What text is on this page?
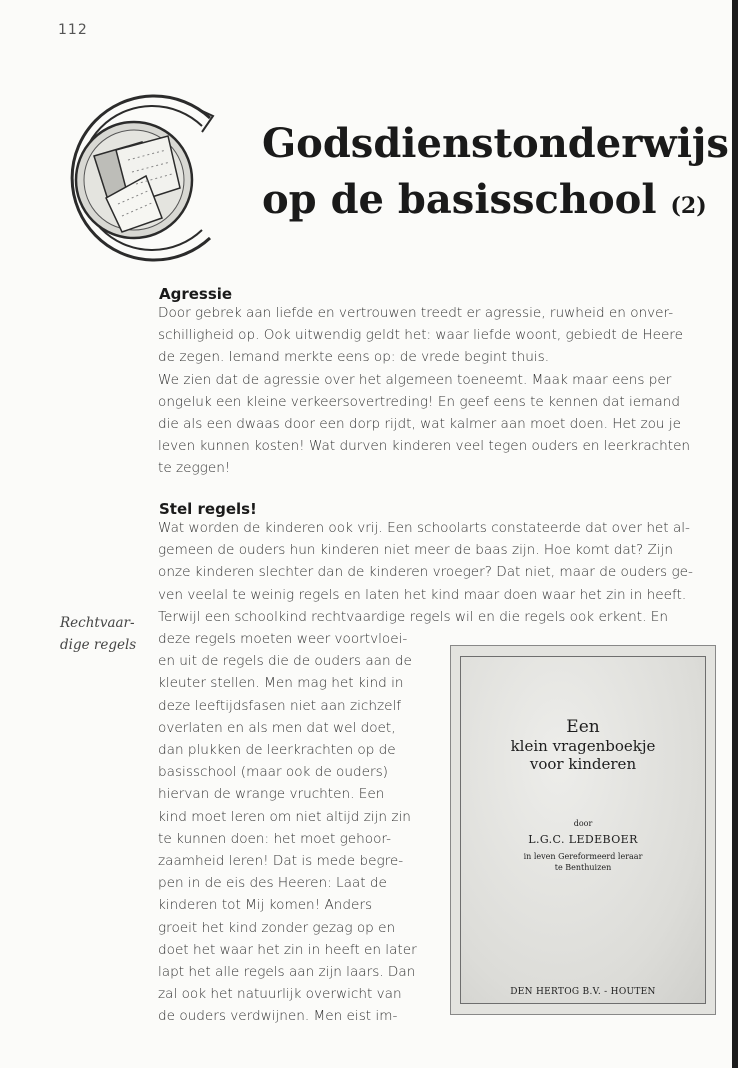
112
Godsdienstonderwijs
op de basisschool (2)
Agressie
Door gebrek aan liefde en vertrouwen treedt er agressie, ruwheid en onver-
schilligheid op. Ook uitwendig geldt het: waar liefde woont, gebiedt de Heere
de zegen. Iemand merkte eens op: de vrede begint thuis.
We zien dat de agressie over het algemeen toeneemt. Maak maar eens per
ongeluk een kleine verkeersovertreding! En geef eens te kennen dat iemand
die als een dwaas door een dorp rijdt, wat kalmer aan moet doen. Het zou je
leven kunnen kosten! Wat durven kinderen veel tegen ouders en leerkrachten
te zeggen!
Stel regels!
Wat worden de kinderen ook vrij. Een schoolarts constateerde dat over het al-
gemeen de ouders hun kinderen niet meer de baas zijn. Hoe komt dat? Zijn
onze kinderen slechter dan de kinderen vroeger? Dat niet, maar de ouders ge-
ven veelal te weinig regels en laten het kind maar doen waar het zin in heeft.
Terwijl een schoolkind rechtvaardige regels wil en die regels ook erkent. En
deze regels moeten weer voortvloei-
en uit de regels die de ouders aan de
kleuter stellen. Men mag het kind in
deze leeftijdsfasen niet aan zichzelf
overlaten en als men dat wel doet,
dan plukken de leerkrachten op de
basisschool (maar ook de ouders)
hiervan de wrange vruchten. Een
kind moet leren om niet altijd zijn zin
te kunnen doen: het moet gehoor-
zaamheid leren! Dat is mede begre-
pen in de eis des Heeren: Laat de
kinderen tot Mij komen! Anders
groeit het kind zonder gezag op en
doet het waar het zin in heeft en later
lapt het alle regels aan zijn laars. Dan
zal ook het natuurlijk overwicht van
de ouders verdwijnen. Men eist im-
Rechtvaar-
dige regels
Een
klein vragenboekje
voor kinderen
door
L.G.C. LEDEBOER
in leven Gereformeerd leraar
te Benthuizen
DEN HERTOG B.V. - HOUTEN
